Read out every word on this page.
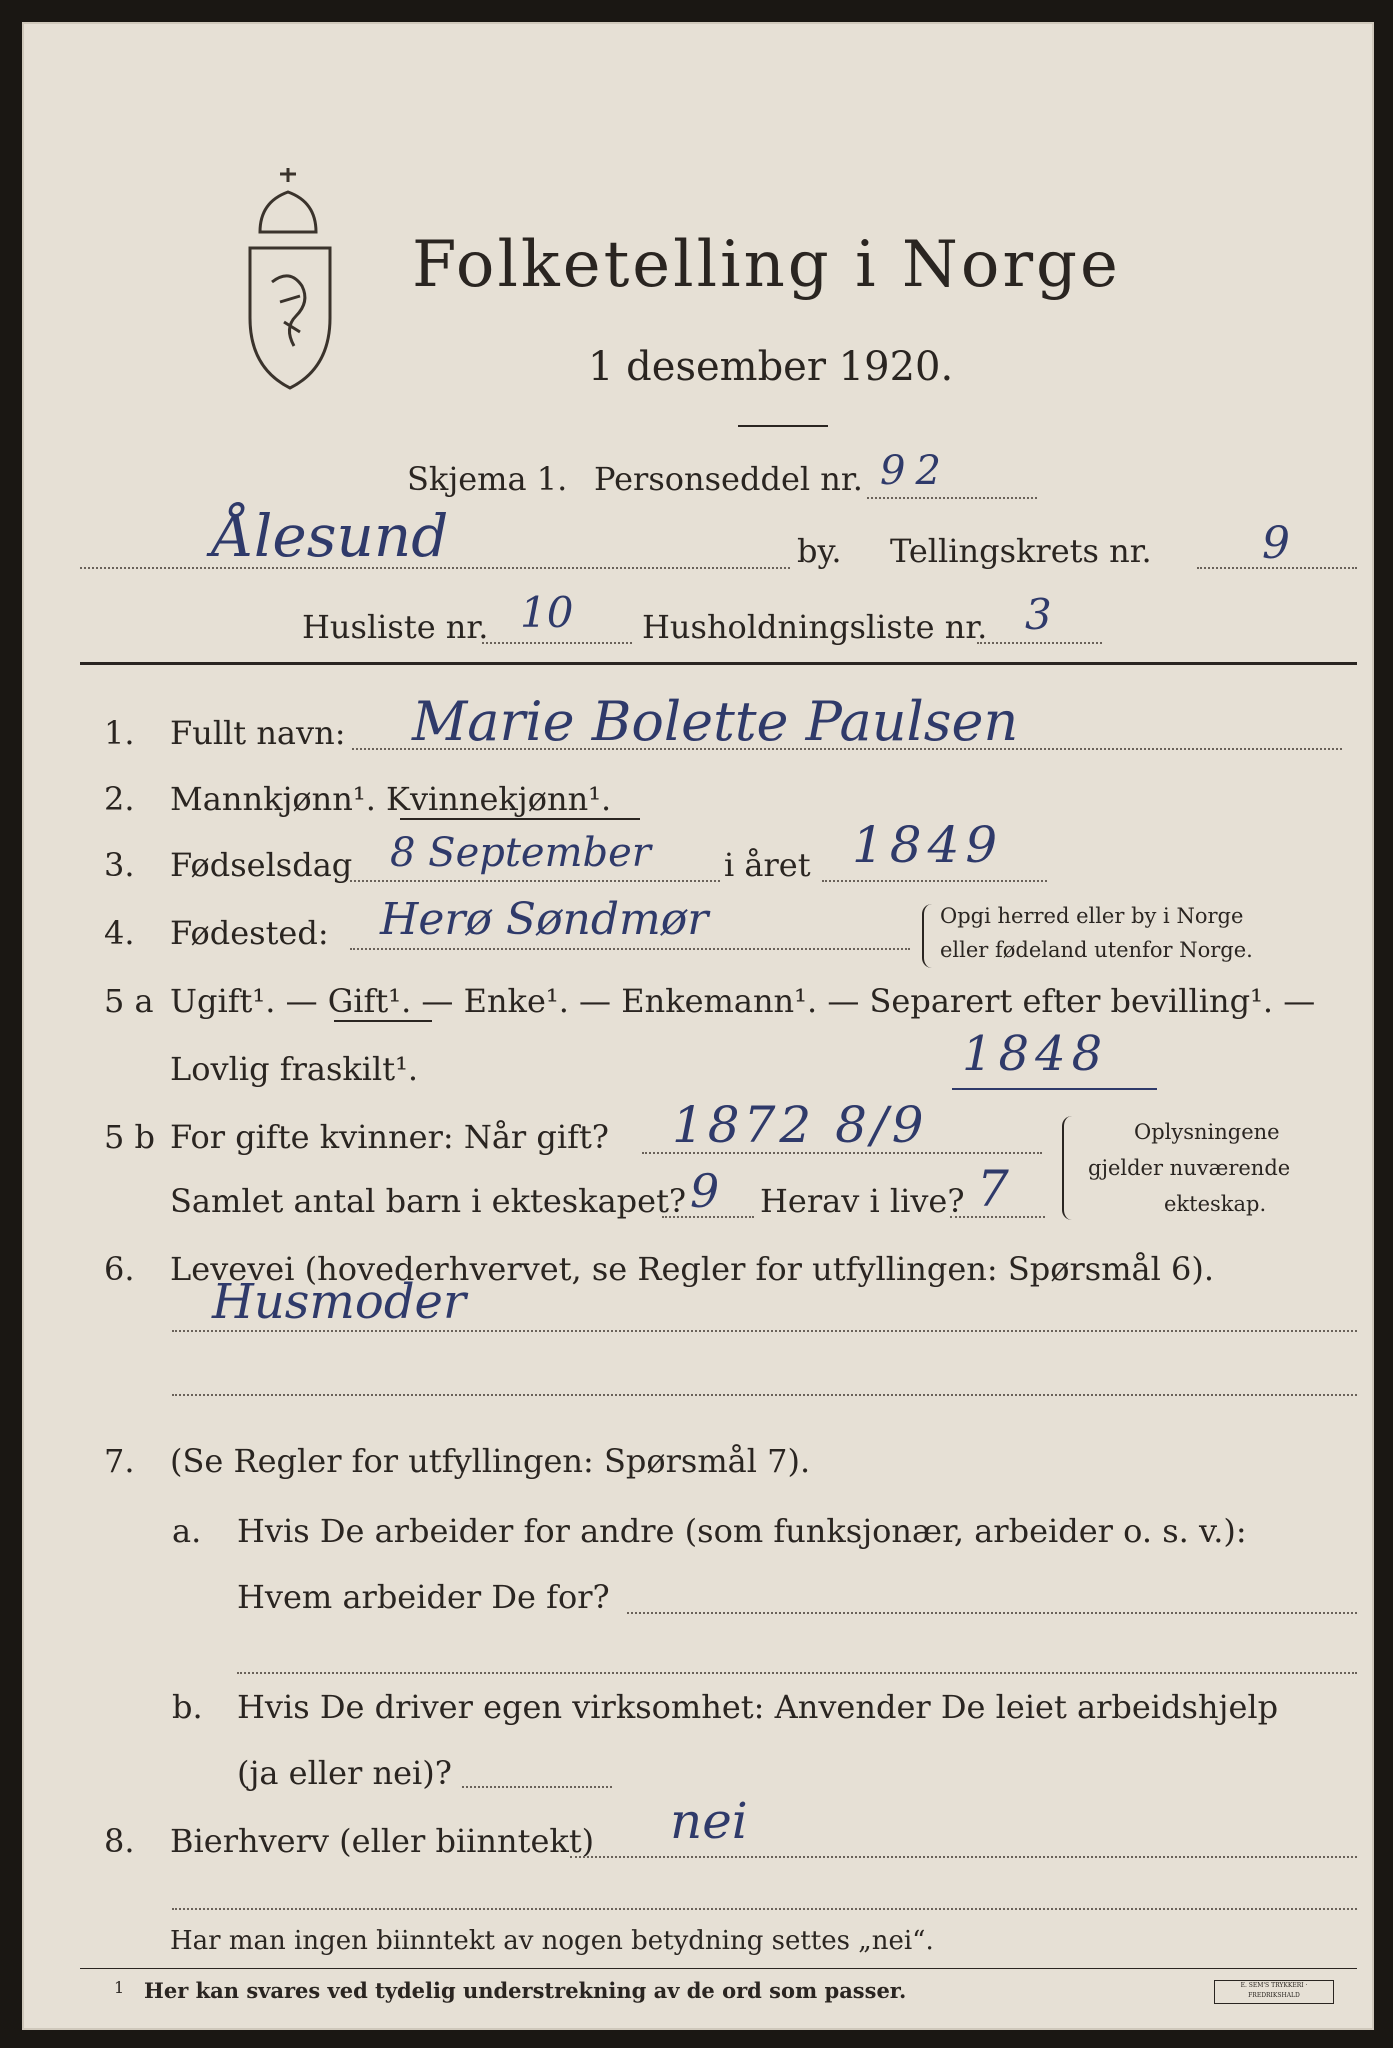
Folketelling i Norge
1 desember 1920.
Skjema 1. Personseddel nr. 92
Ålesund	by. Tellingskrets nr.	9
Husliste nr. 10 Husholdningsliste nr. 3
1. Fullt navn: Marie Bolette Paulsen
2. Mannkjønn¹. Kvinnekjønn¹.
3. Fødselsdag 8 September i året 1849
4. Fødested: Herø Søndmør	Opgi herred eller by i Norge
eller fødeland utenfor Norge.
5 a Ugift¹. — Gift¹. — Enke¹. — Enkemann¹. — Separert efter bevilling¹. —
Lovlig fraskilt¹.	1848
5 b For gifte kvinner: Når gift? 1872 8/9
Samlet antal barn i ekteskapet? 9 Herav i live? 7
Oplysningene
gjelder nuværende
ekteskap.
6. Levevei (hovederhvervet, se Regler for utfyllingen: Spørsmål 6).
Husmoder
7. (Se Regler for utfyllingen: Spørsmål 7).
a. Hvis De arbeider for andre (som funksjonær, arbeider o. s. v.):
Hvem arbeider De for?
b. Hvis De driver egen virksomhet: Anvender De leiet arbeidshjelp
(ja eller nei)?
8. Bierhverv (eller biinntekt) nei
Har man ingen biinntekt av nogen betydning settes „nei“.
1 Her kan svares ved tydelig understrekning av de ord som passer.	E. SEM'S TRYKKERI · FREDRIKSHALD
